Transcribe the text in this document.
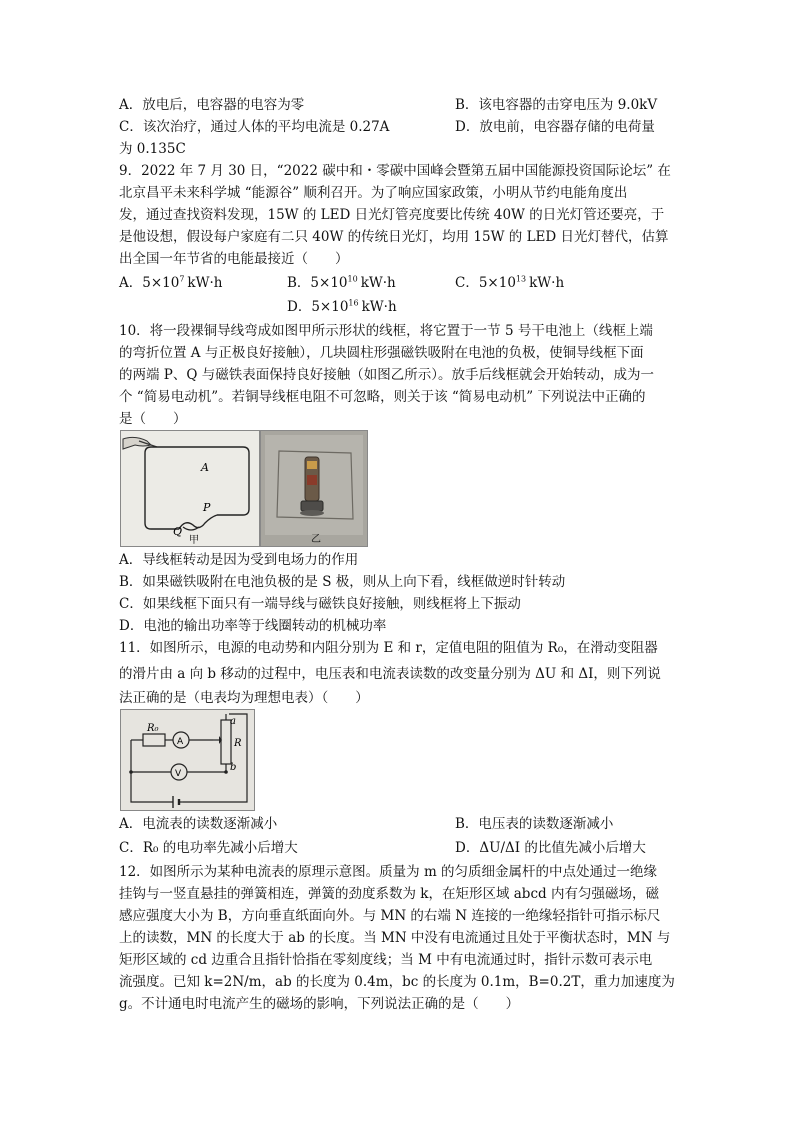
A．放电后，电容器的电容为零	B．该电容器的击穿电压为 9.0kV
C．该次治疗，通过人体的平均电流是 0.27A	D．放电前，电容器存储的电荷量
为 0.135C
9．2022 年 7 月 30 日，“2022 碳中和・零碳中国峰会暨第五届中国能源投资国际论坛” 在
北京昌平未来科学城 “能源谷” 顺利召开。为了响应国家政策，小明从节约电能角度出
发，通过查找资料发现，15W 的 LED 日光灯管亮度要比传统 40W 的日光灯管还要亮，于
是他设想，假设每户家庭有二只 40W 的传统日光灯，均用 15W 的 LED 日光灯替代，估算
出全国一年节省的电能最接近（　　）
A．$5\times 10^7$ kW·h	B．$5\times 10^{10}$ kW·h	C．$5\times 10^{13}$ kW·h
D．$5\times 10^{16}$ kW·h
10．将一段裸铜导线弯成如图甲所示形状的线框，将它置于一节 5 号干电池上（线框上端
的弯折位置 A 与正极良好接触），几块圆柱形强磁铁吸附在电池的负极，使铜导线框下面
的两端 P、Q 与磁铁表面保持良好接触（如图乙所示）。放手后线框就会开始转动，成为一
个 “简易电动机”。若铜导线框电阻不可忽略，则关于该 “简易电动机” 下列说法中正确的
是（　　）
A
P
Q
甲	乙
A．导线框转动是因为受到电场力的作用
B．如果磁铁吸附在电池负极的是 S 极，则从上向下看，线框做逆时针转动
C．如果线框下面只有一端导线与磁铁良好接触，则线框将上下振动
D．电池的输出功率等于线圈转动的机械功率
11．如图所示，电源的电动势和内阻分别为 E 和 r，定值电阻的阻值为 R₀，在滑动变阻器
的滑片由 a 向 b 移动的过程中，电压表和电流表读数的改变量分别为 ΔU 和 ΔI，则下列说
法正确的是（电表均为理想电表）（　　）
R₀
A
V
R
a
b
A．电流表的读数逐渐减小	B．电压表的读数逐渐减小
C．R₀ 的电功率先减小后增大	D．ΔU/ΔI 的比值先减小后增大
12．如图所示为某种电流表的原理示意图。质量为 m 的匀质细金属杆的中点处通过一绝缘
挂钩与一竖直悬挂的弹簧相连，弹簧的劲度系数为 k，在矩形区域 abcd 内有匀强磁场，磁
感应强度大小为 B，方向垂直纸面向外。与 MN 的右端 N 连接的一绝缘轻指针可指示标尺
上的读数，MN 的长度大于 ab 的长度。当 MN 中没有电流通过且处于平衡状态时，MN 与
矩形区域的 cd 边重合且指针恰指在零刻度线；当 M 中有电流通过时，指针示数可表示电
流强度。已知 k=2N/m，ab 的长度为 0.4m，bc 的长度为 0.1m，B=0.2T，重力加速度为
g。不计通电时电流产生的磁场的影响，下列说法正确的是（　　）
